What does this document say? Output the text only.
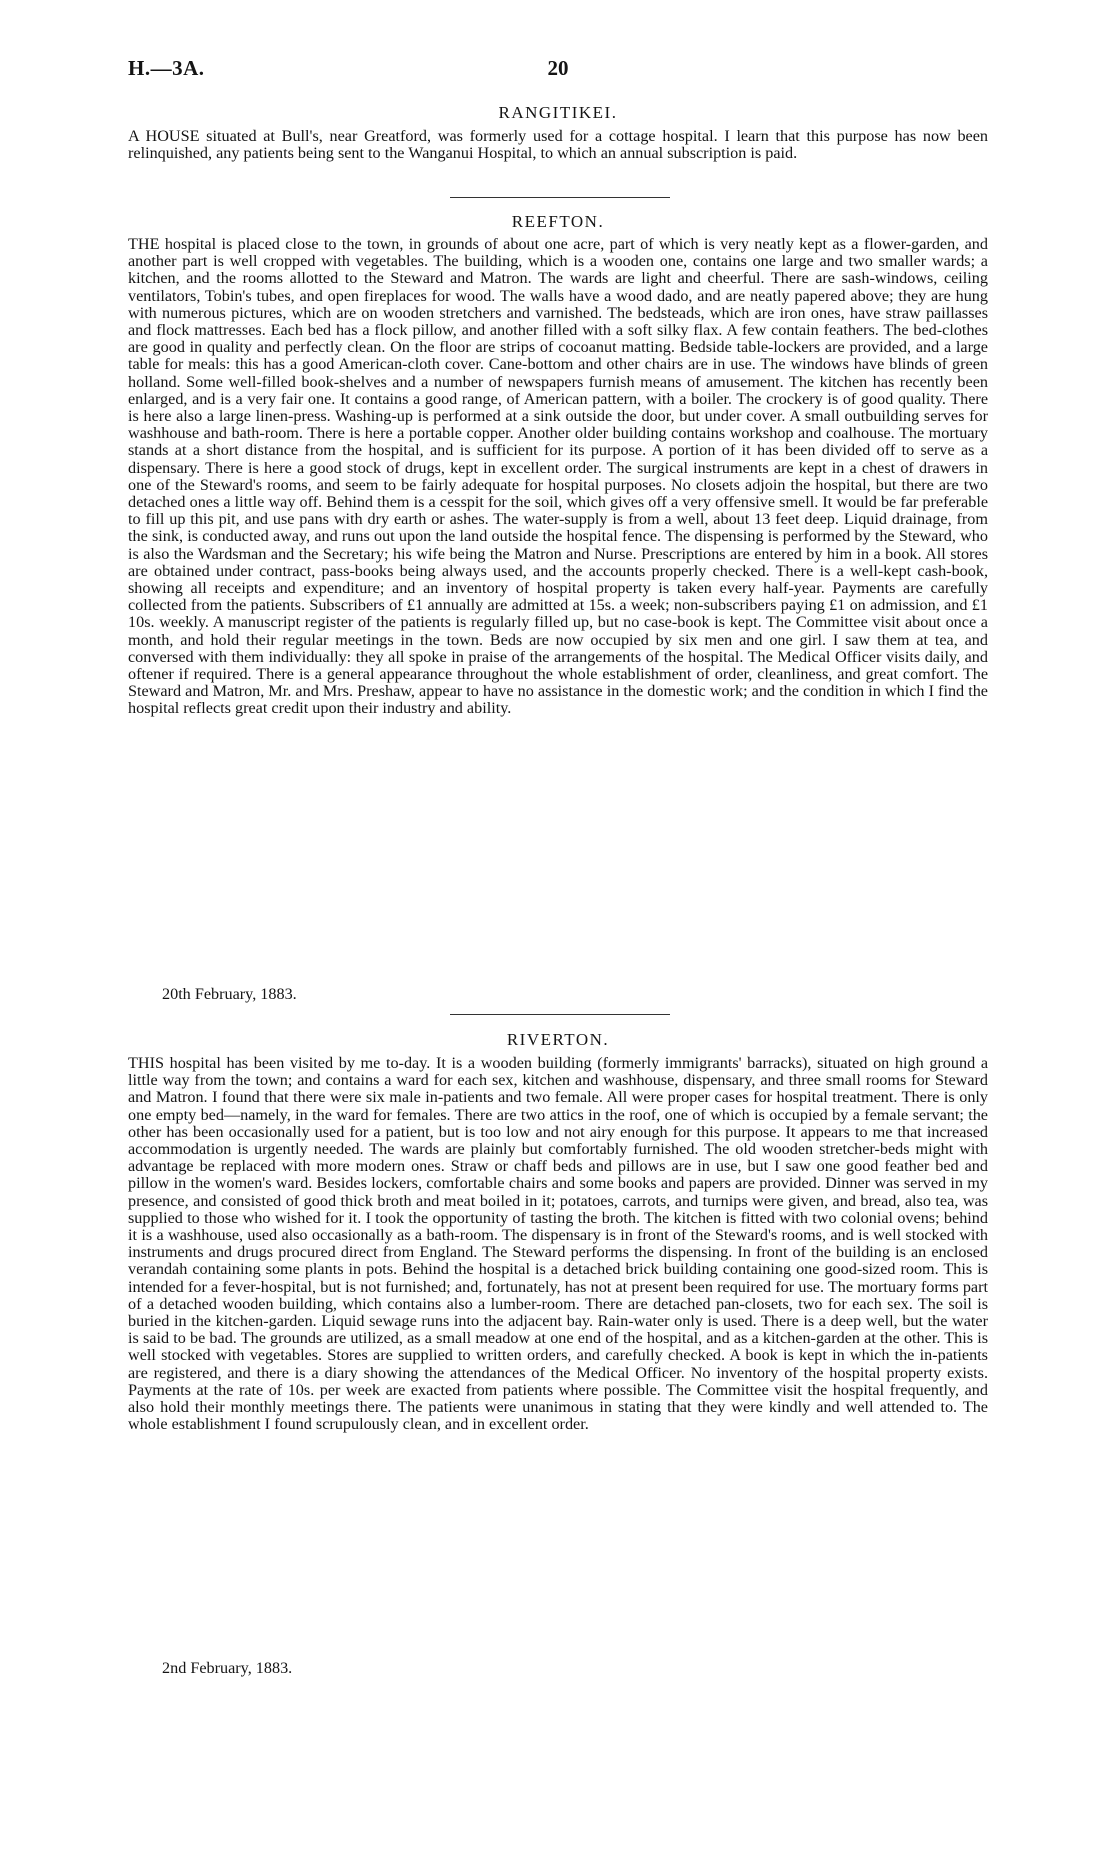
H.—3A.	20
RANGITIKEI.

A HOUSE situated at Bull's, near Greatford, was formerly used for a cottage hospital. I learn that this purpose has now been relinquished, any patients being sent to the Wanganui Hospital, to which an annual subscription is paid.

REEFTON.

THE hospital is placed close to the town, in grounds of about one acre, part of which is very neatly kept as a flower-garden, and another part is well cropped with vegetables. The building, which is a wooden one, contains one large and two smaller wards; a kitchen, and the rooms allotted to the Steward and Matron. The wards are light and cheerful. There are sash-windows, ceiling ventilators, Tobin's tubes, and open fireplaces for wood. The walls have a wood dado, and are neatly papered above; they are hung with numerous pictures, which are on wooden stretchers and varnished. The bedsteads, which are iron ones, have straw paillasses and flock mattresses. Each bed has a flock pillow, and another filled with a soft silky flax. A few contain feathers. The bed-clothes are good in quality and perfectly clean. On the floor are strips of cocoanut matting. Bedside table-lockers are provided, and a large table for meals: this has a good American-cloth cover. Cane-bottom and other chairs are in use. The windows have blinds of green holland. Some well-filled book-shelves and a number of newspapers furnish means of amusement. The kitchen has recently been enlarged, and is a very fair one. It contains a good range, of American pattern, with a boiler. The crockery is of good quality. There is here also a large linen-press. Washing-up is performed at a sink outside the door, but under cover. A small outbuilding serves for washhouse and bath-room. There is here a portable copper. Another older building contains workshop and coalhouse. The mortuary stands at a short distance from the hospital, and is sufficient for its purpose. A portion of it has been divided off to serve as a dispensary. There is here a good stock of drugs, kept in excellent order. The surgical instruments are kept in a chest of drawers in one of the Steward's rooms, and seem to be fairly adequate for hospital purposes. No closets adjoin the hospital, but there are two detached ones a little way off. Behind them is a cesspit for the soil, which gives off a very offensive smell. It would be far preferable to fill up this pit, and use pans with dry earth or ashes. The water-supply is from a well, about 13 feet deep. Liquid drainage, from the sink, is conducted away, and runs out upon the land outside the hospital fence. The dispensing is performed by the Steward, who is also the Wardsman and the Secretary; his wife being the Matron and Nurse. Prescriptions are entered by him in a book. All stores are obtained under contract, pass-books being always used, and the accounts properly checked. There is a well-kept cash-book, showing all receipts and expenditure; and an inventory of hospital property is taken every half-year. Payments are carefully collected from the patients. Subscribers of £1 annually are admitted at 15s. a week; non-subscribers paying £1 on admission, and £1 10s. weekly. A manuscript register of the patients is regularly filled up, but no case-book is kept. The Committee visit about once a month, and hold their regular meetings in the town. Beds are now occupied by six men and one girl. I saw them at tea, and conversed with them individually: they all spoke in praise of the arrangements of the hospital. The Medical Officer visits daily, and oftener if required. There is a general appearance throughout the whole establishment of order, cleanliness, and great comfort. The Steward and Matron, Mr. and Mrs. Preshaw, appear to have no assistance in the domestic work; and the condition in which I find the hospital reflects great credit upon their industry and ability.

20th February, 1883.
RIVERTON.

THIS hospital has been visited by me to-day. It is a wooden building (formerly immigrants' barracks), situated on high ground a little way from the town; and contains a ward for each sex, kitchen and washhouse, dispensary, and three small rooms for Steward and Matron. I found that there were six male in-patients and two female. All were proper cases for hospital treatment. There is only one empty bed—namely, in the ward for females. There are two attics in the roof, one of which is occupied by a female servant; the other has been occasionally used for a patient, but is too low and not airy enough for this purpose. It appears to me that increased accommodation is urgently needed. The wards are plainly but comfortably furnished. The old wooden stretcher-beds might with advantage be replaced with more modern ones. Straw or chaff beds and pillows are in use, but I saw one good feather bed and pillow in the women's ward. Besides lockers, comfortable chairs and some books and papers are provided. Dinner was served in my presence, and consisted of good thick broth and meat boiled in it; potatoes, carrots, and turnips were given, and bread, also tea, was supplied to those who wished for it. I took the opportunity of tasting the broth. The kitchen is fitted with two colonial ovens; behind it is a washhouse, used also occasionally as a bath-room. The dispensary is in front of the Steward's rooms, and is well stocked with instruments and drugs procured direct from England. The Steward performs the dispensing. In front of the building is an enclosed verandah containing some plants in pots. Behind the hospital is a detached brick building containing one good-sized room. This is intended for a fever-hospital, but is not furnished; and, fortunately, has not at present been required for use. The mortuary forms part of a detached wooden building, which contains also a lumber-room. There are detached pan-closets, two for each sex. The soil is buried in the kitchen-garden. Liquid sewage runs into the adjacent bay. Rain-water only is used. There is a deep well, but the water is said to be bad. The grounds are utilized, as a small meadow at one end of the hospital, and as a kitchen-garden at the other. This is well stocked with vegetables. Stores are supplied to written orders, and carefully checked. A book is kept in which the in-patients are registered, and there is a diary showing the attendances of the Medical Officer. No inventory of the hospital property exists. Payments at the rate of 10s. per week are exacted from patients where possible. The Committee visit the hospital frequently, and also hold their monthly meetings there. The patients were unanimous in stating that they were kindly and well attended to. The whole establishment I found scrupulously clean, and in excellent order.

2nd February, 1883.
